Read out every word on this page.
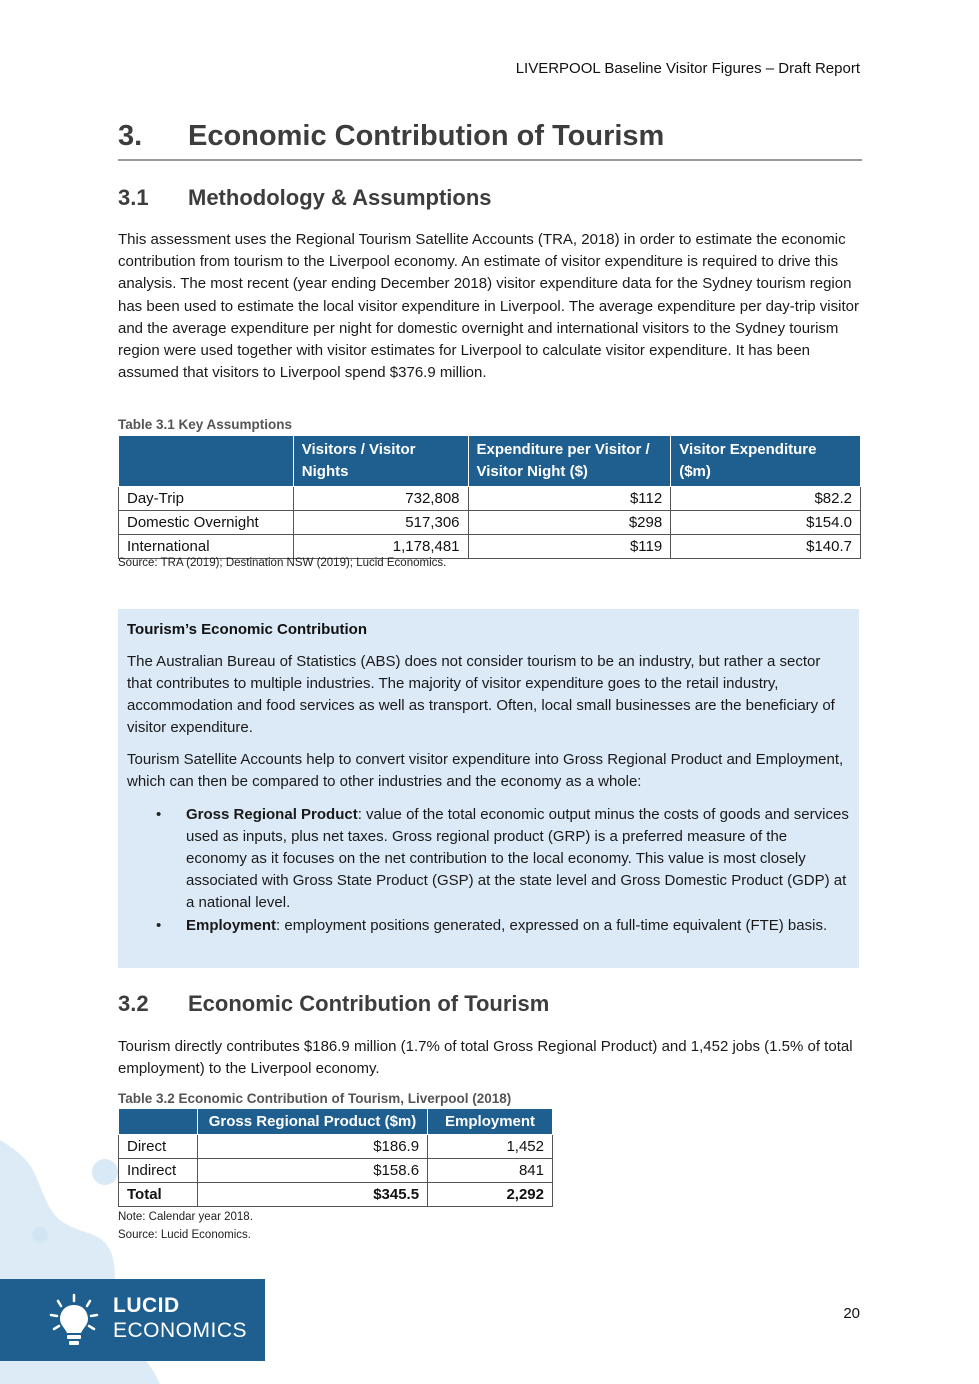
LIVERPOOL Baseline Visitor Figures – Draft Report
3. Economic Contribution of Tourism
3.1 Methodology & Assumptions
This assessment uses the Regional Tourism Satellite Accounts (TRA, 2018) in order to estimate the economic contribution from tourism to the Liverpool economy. An estimate of visitor expenditure is required to drive this analysis. The most recent (year ending December 2018) visitor expenditure data for the Sydney tourism region has been used to estimate the local visitor expenditure in Liverpool. The average expenditure per day-trip visitor and the average expenditure per night for domestic overnight and international visitors to the Sydney tourism region were used together with visitor estimates for Liverpool to calculate visitor expenditure. It has been assumed that visitors to Liverpool spend $376.9 million.
Table 3.1 Key Assumptions
	Visitors / Visitor Nights	Expenditure per Visitor / Visitor Night ($)	Visitor Expenditure ($m)
Day-Trip	732,808	$112	$82.2
Domestic Overnight	517,306	$298	$154.0
International	1,178,481	$119	$140.7
Source: TRA (2019); Destination NSW (2019); Lucid Economics.
Tourism’s Economic Contribution
The Australian Bureau of Statistics (ABS) does not consider tourism to be an industry, but rather a sector that contributes to multiple industries. The majority of visitor expenditure goes to the retail industry, accommodation and food services as well as transport. Often, local small businesses are the beneficiary of visitor expenditure.
Tourism Satellite Accounts help to convert visitor expenditure into Gross Regional Product and Employment, which can then be compared to other industries and the economy as a whole:
• Gross Regional Product: value of the total economic output minus the costs of goods and services used as inputs, plus net taxes. Gross regional product (GRP) is a preferred measure of the economy as it focuses on the net contribution to the local economy. This value is most closely associated with Gross State Product (GSP) at the state level and Gross Domestic Product (GDP) at a national level.
• Employment: employment positions generated, expressed on a full-time equivalent (FTE) basis.
3.2 Economic Contribution of Tourism
Tourism directly contributes $186.9 million (1.7% of total Gross Regional Product) and 1,452 jobs (1.5% of total employment) to the Liverpool economy.
Table 3.2 Economic Contribution of Tourism, Liverpool (2018)
	Gross Regional Product ($m)	Employment
Direct	$186.9	1,452
Indirect	$158.6	841
Total	$345.5	2,292
Note: Calendar year 2018.
Source: Lucid Economics.
LUCID
ECONOMICS
20
